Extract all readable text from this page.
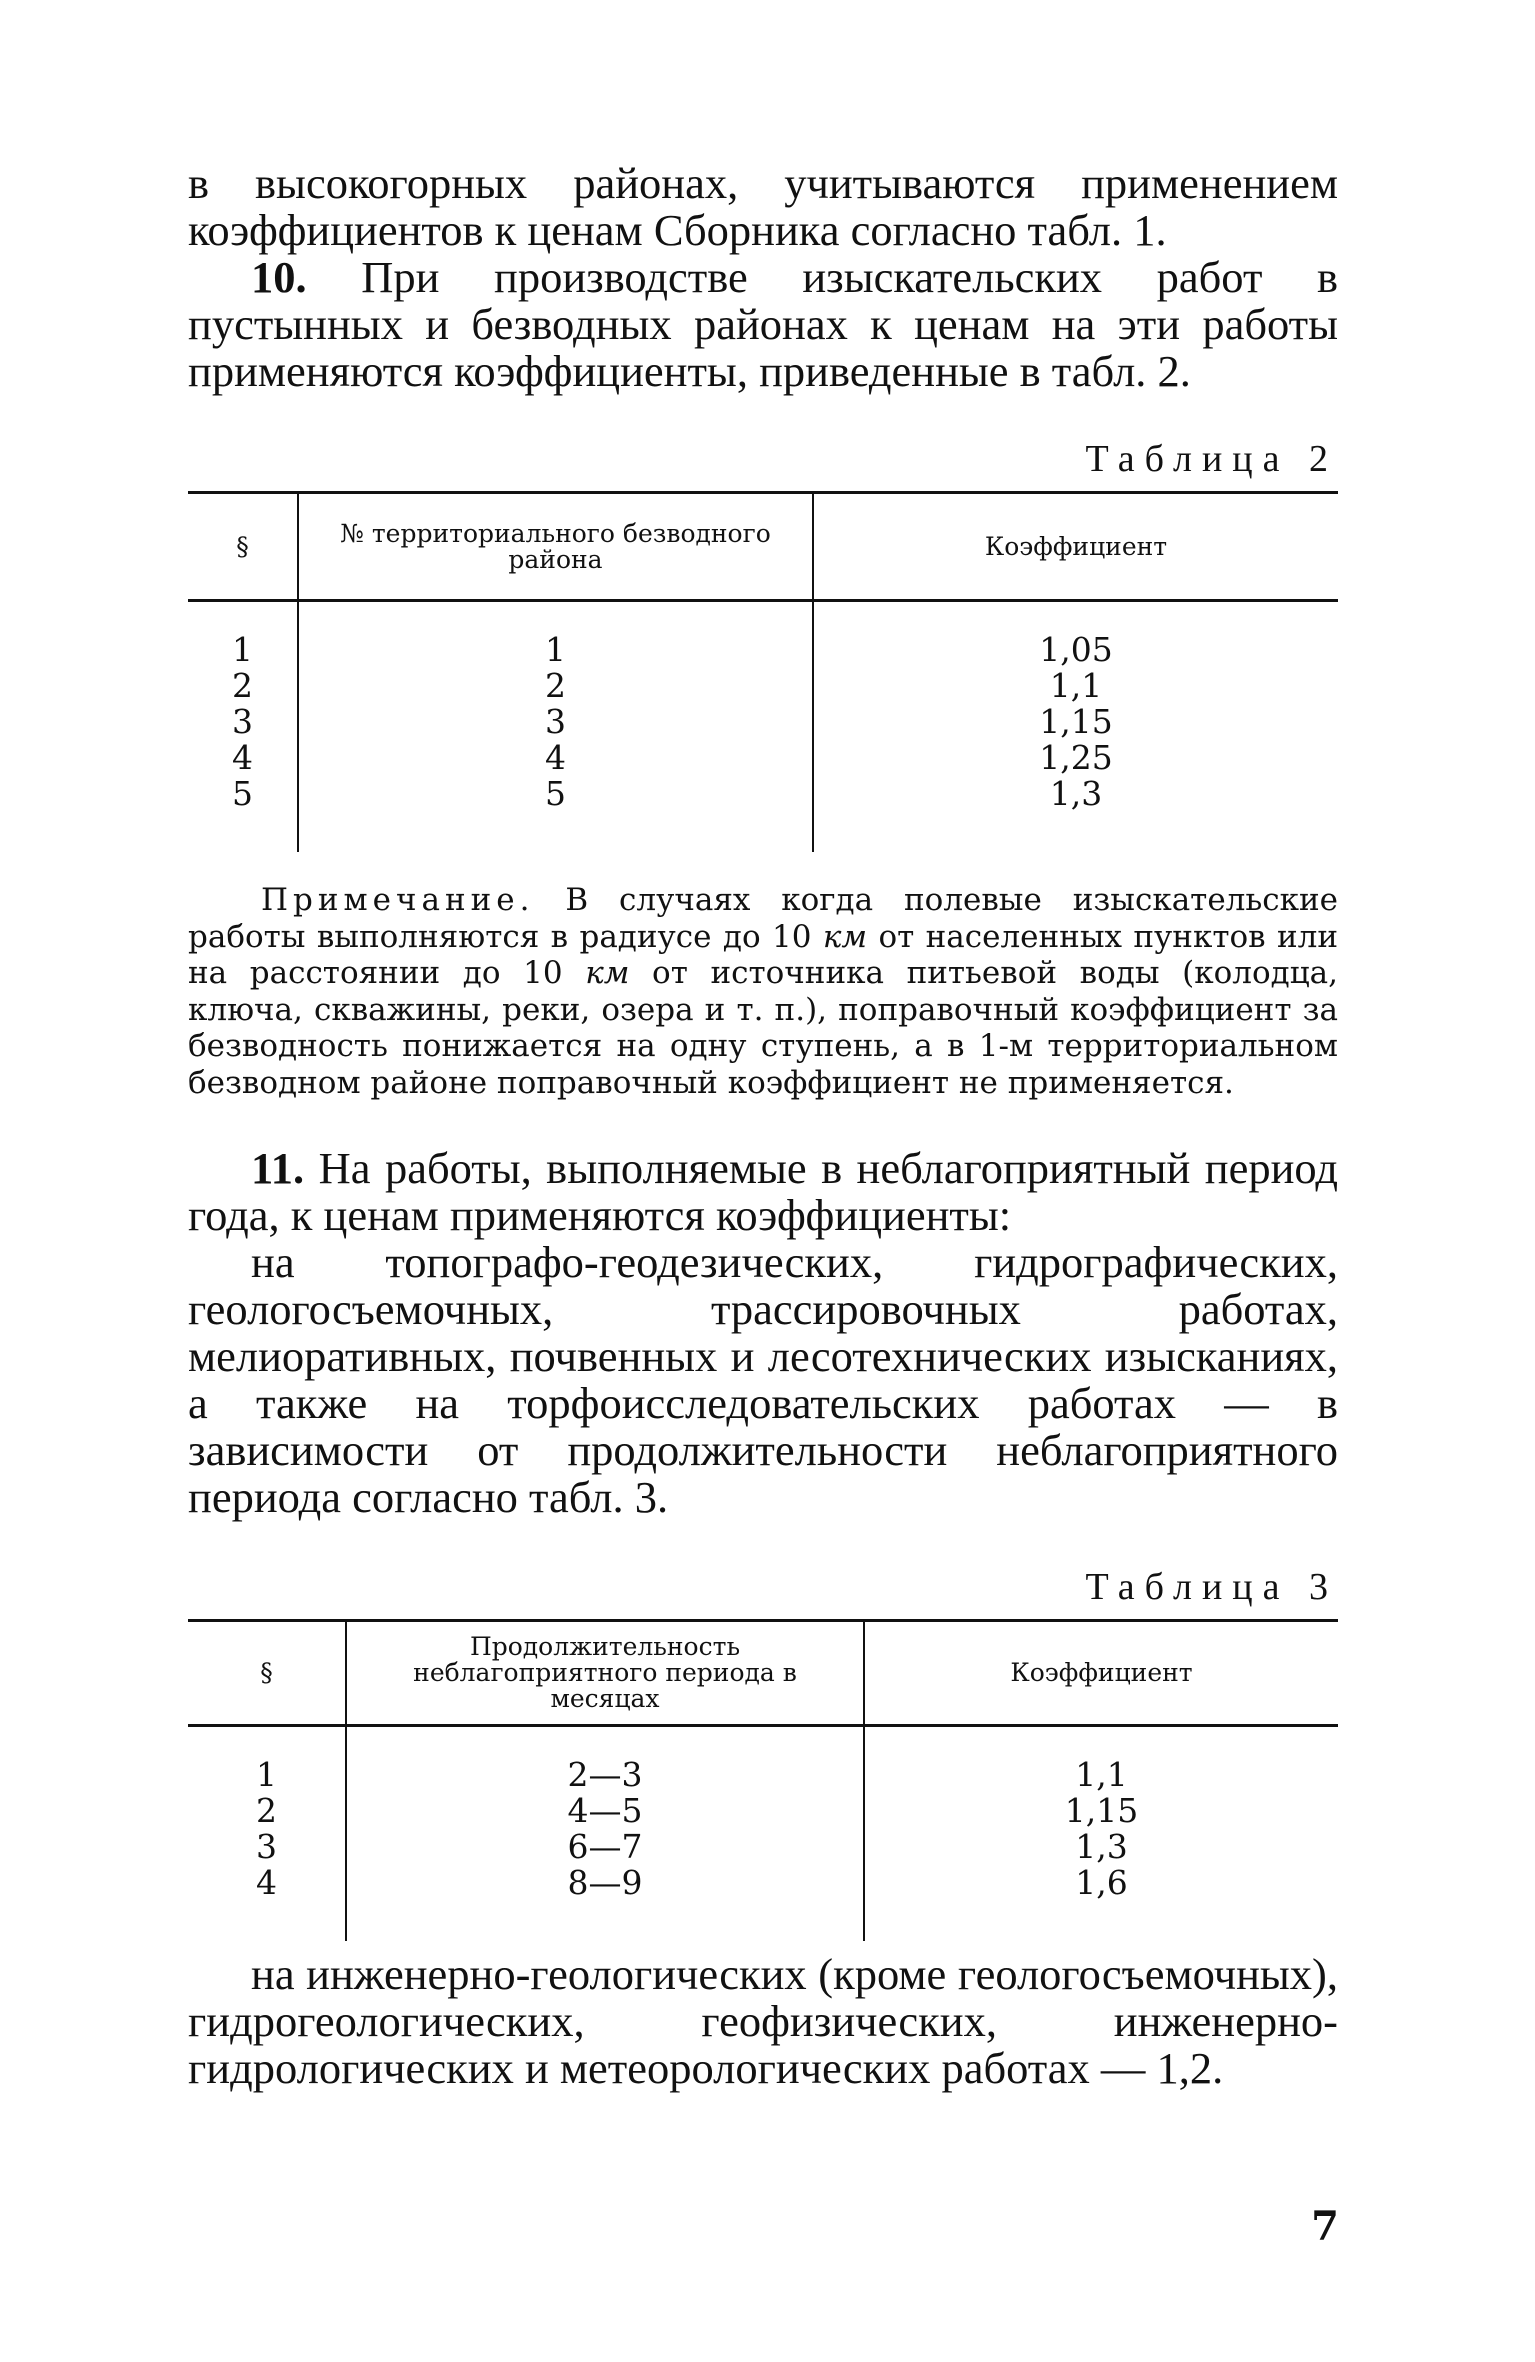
в высокогорных районах, учитываются применением коэффициентов к ценам Сборника согласно табл. 1.

10. При производстве изыскательских работ в пустынных и безводных районах к ценам на эти работы применяются коэффициенты, приведенные в табл. 2.

Таблица 2

§	№ территориального безводного района	Коэффициент
1	1	1,05
2	2	1,1
3	3	1,15
4	4	1,25
5	5	1,3

Примечание. В случаях когда полевые изыскательские работы выполняются в радиусе до 10 км от населенных пунктов или на расстоянии до 10 км от источника питьевой воды (колодца, ключа, скважины, реки, озера и т. п.), поправочный коэффициент за безводность понижается на одну ступень, а в 1-м территориальном безводном районе поправочный коэффициент не применяется.

11. На работы, выполняемые в неблагоприятный период года, к ценам применяются коэффициенты:

на топографо-геодезических, гидрографических, геологосъемочных, трассировочных работах, мелиоративных, почвенных и лесотехнических изысканиях, а также на торфоисследовательских работах — в зависимости от продолжительности неблагоприятного периода согласно табл. 3.

Таблица 3

§	Продолжительность неблагоприятного периода в месяцах	Коэффициент
1	2—3	1,1
2	4—5	1,15
3	6—7	1,3
4	8—9	1,6

на инженерно-геологических (кроме геологосъемочных), гидрогеологических, геофизических, инженерно-гидрологических и метеорологических работах — 1,2.

7
